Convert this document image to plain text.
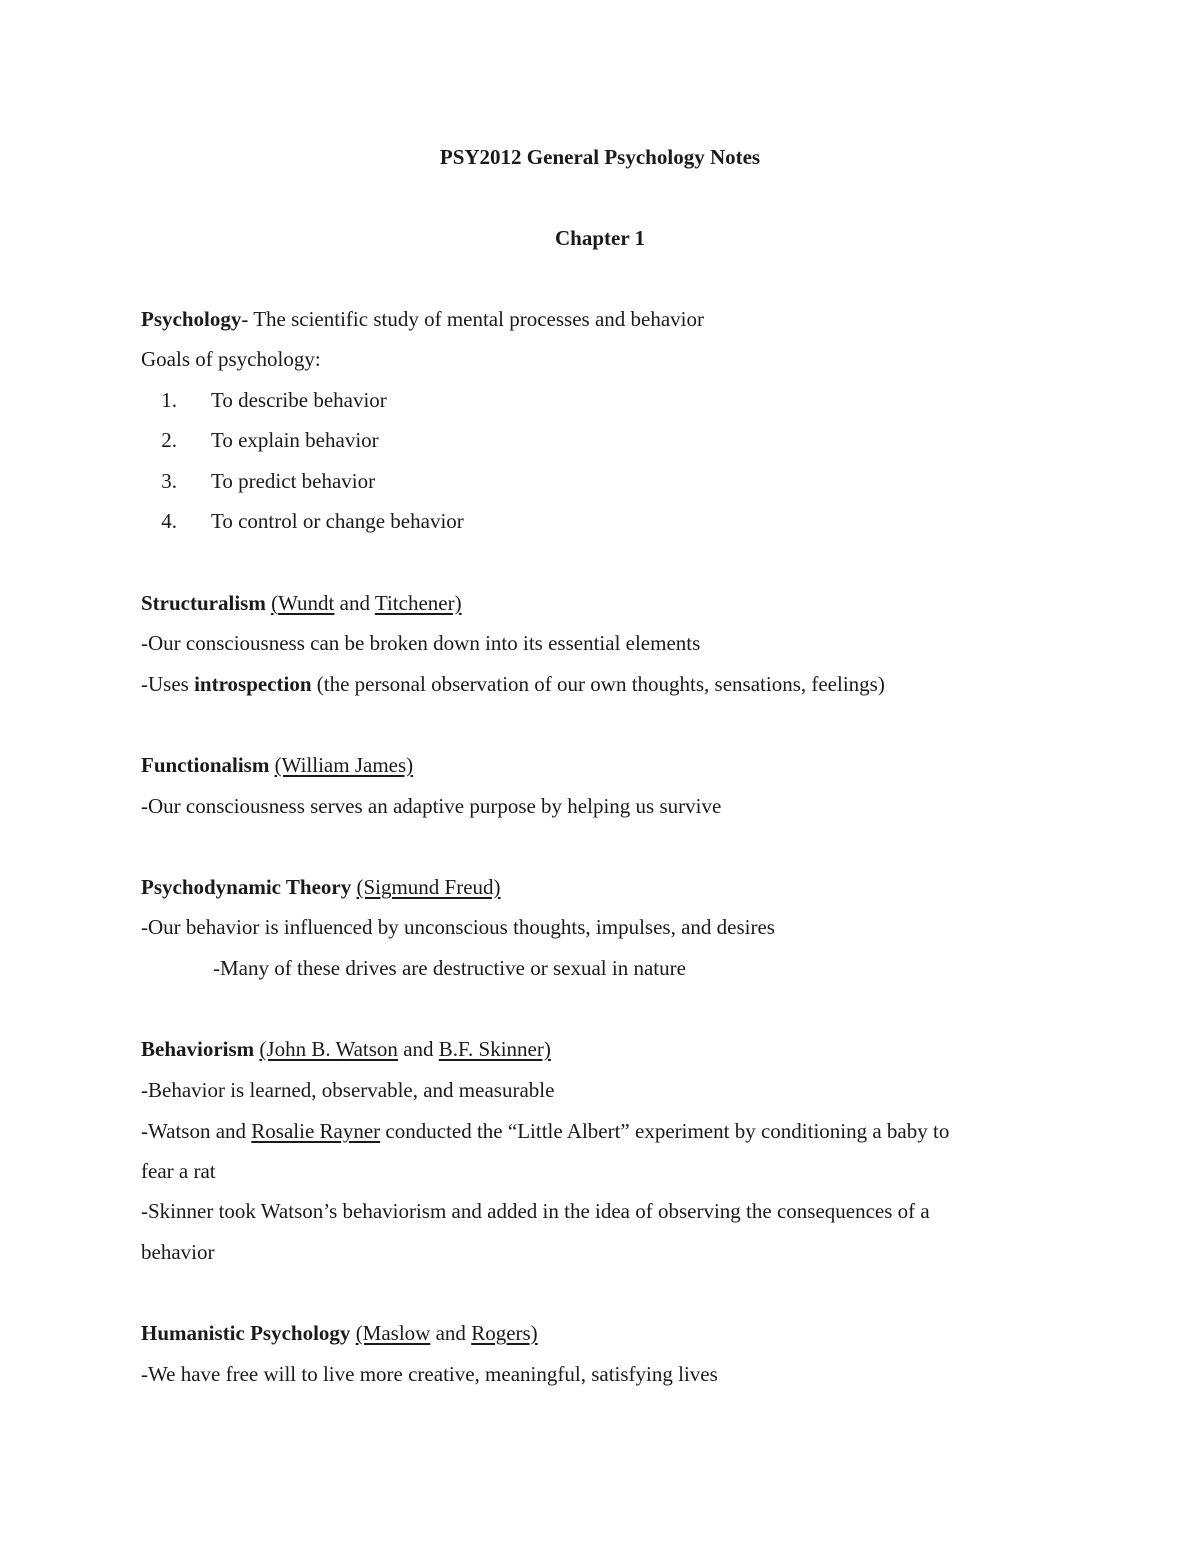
PSY2012 General Psychology Notes
Chapter 1
Psychology- The scientific study of mental processes and behavior
Goals of psychology:
1. To describe behavior
2. To explain behavior
3. To predict behavior
4. To control or change behavior
Structuralism (Wundt and Titchener)
-Our consciousness can be broken down into its essential elements
-Uses introspection (the personal observation of our own thoughts, sensations, feelings)
Functionalism (William James)
-Our consciousness serves an adaptive purpose by helping us survive
Psychodynamic Theory (Sigmund Freud)
-Our behavior is influenced by unconscious thoughts, impulses, and desires
-Many of these drives are destructive or sexual in nature
Behaviorism (John B. Watson and B.F. Skinner)
-Behavior is learned, observable, and measurable
-Watson and Rosalie Rayner conducted the “Little Albert” experiment by conditioning a baby to
fear a rat
-Skinner took Watson’s behaviorism and added in the idea of observing the consequences of a
behavior
Humanistic Psychology (Maslow and Rogers)
-We have free will to live more creative, meaningful, satisfying lives
